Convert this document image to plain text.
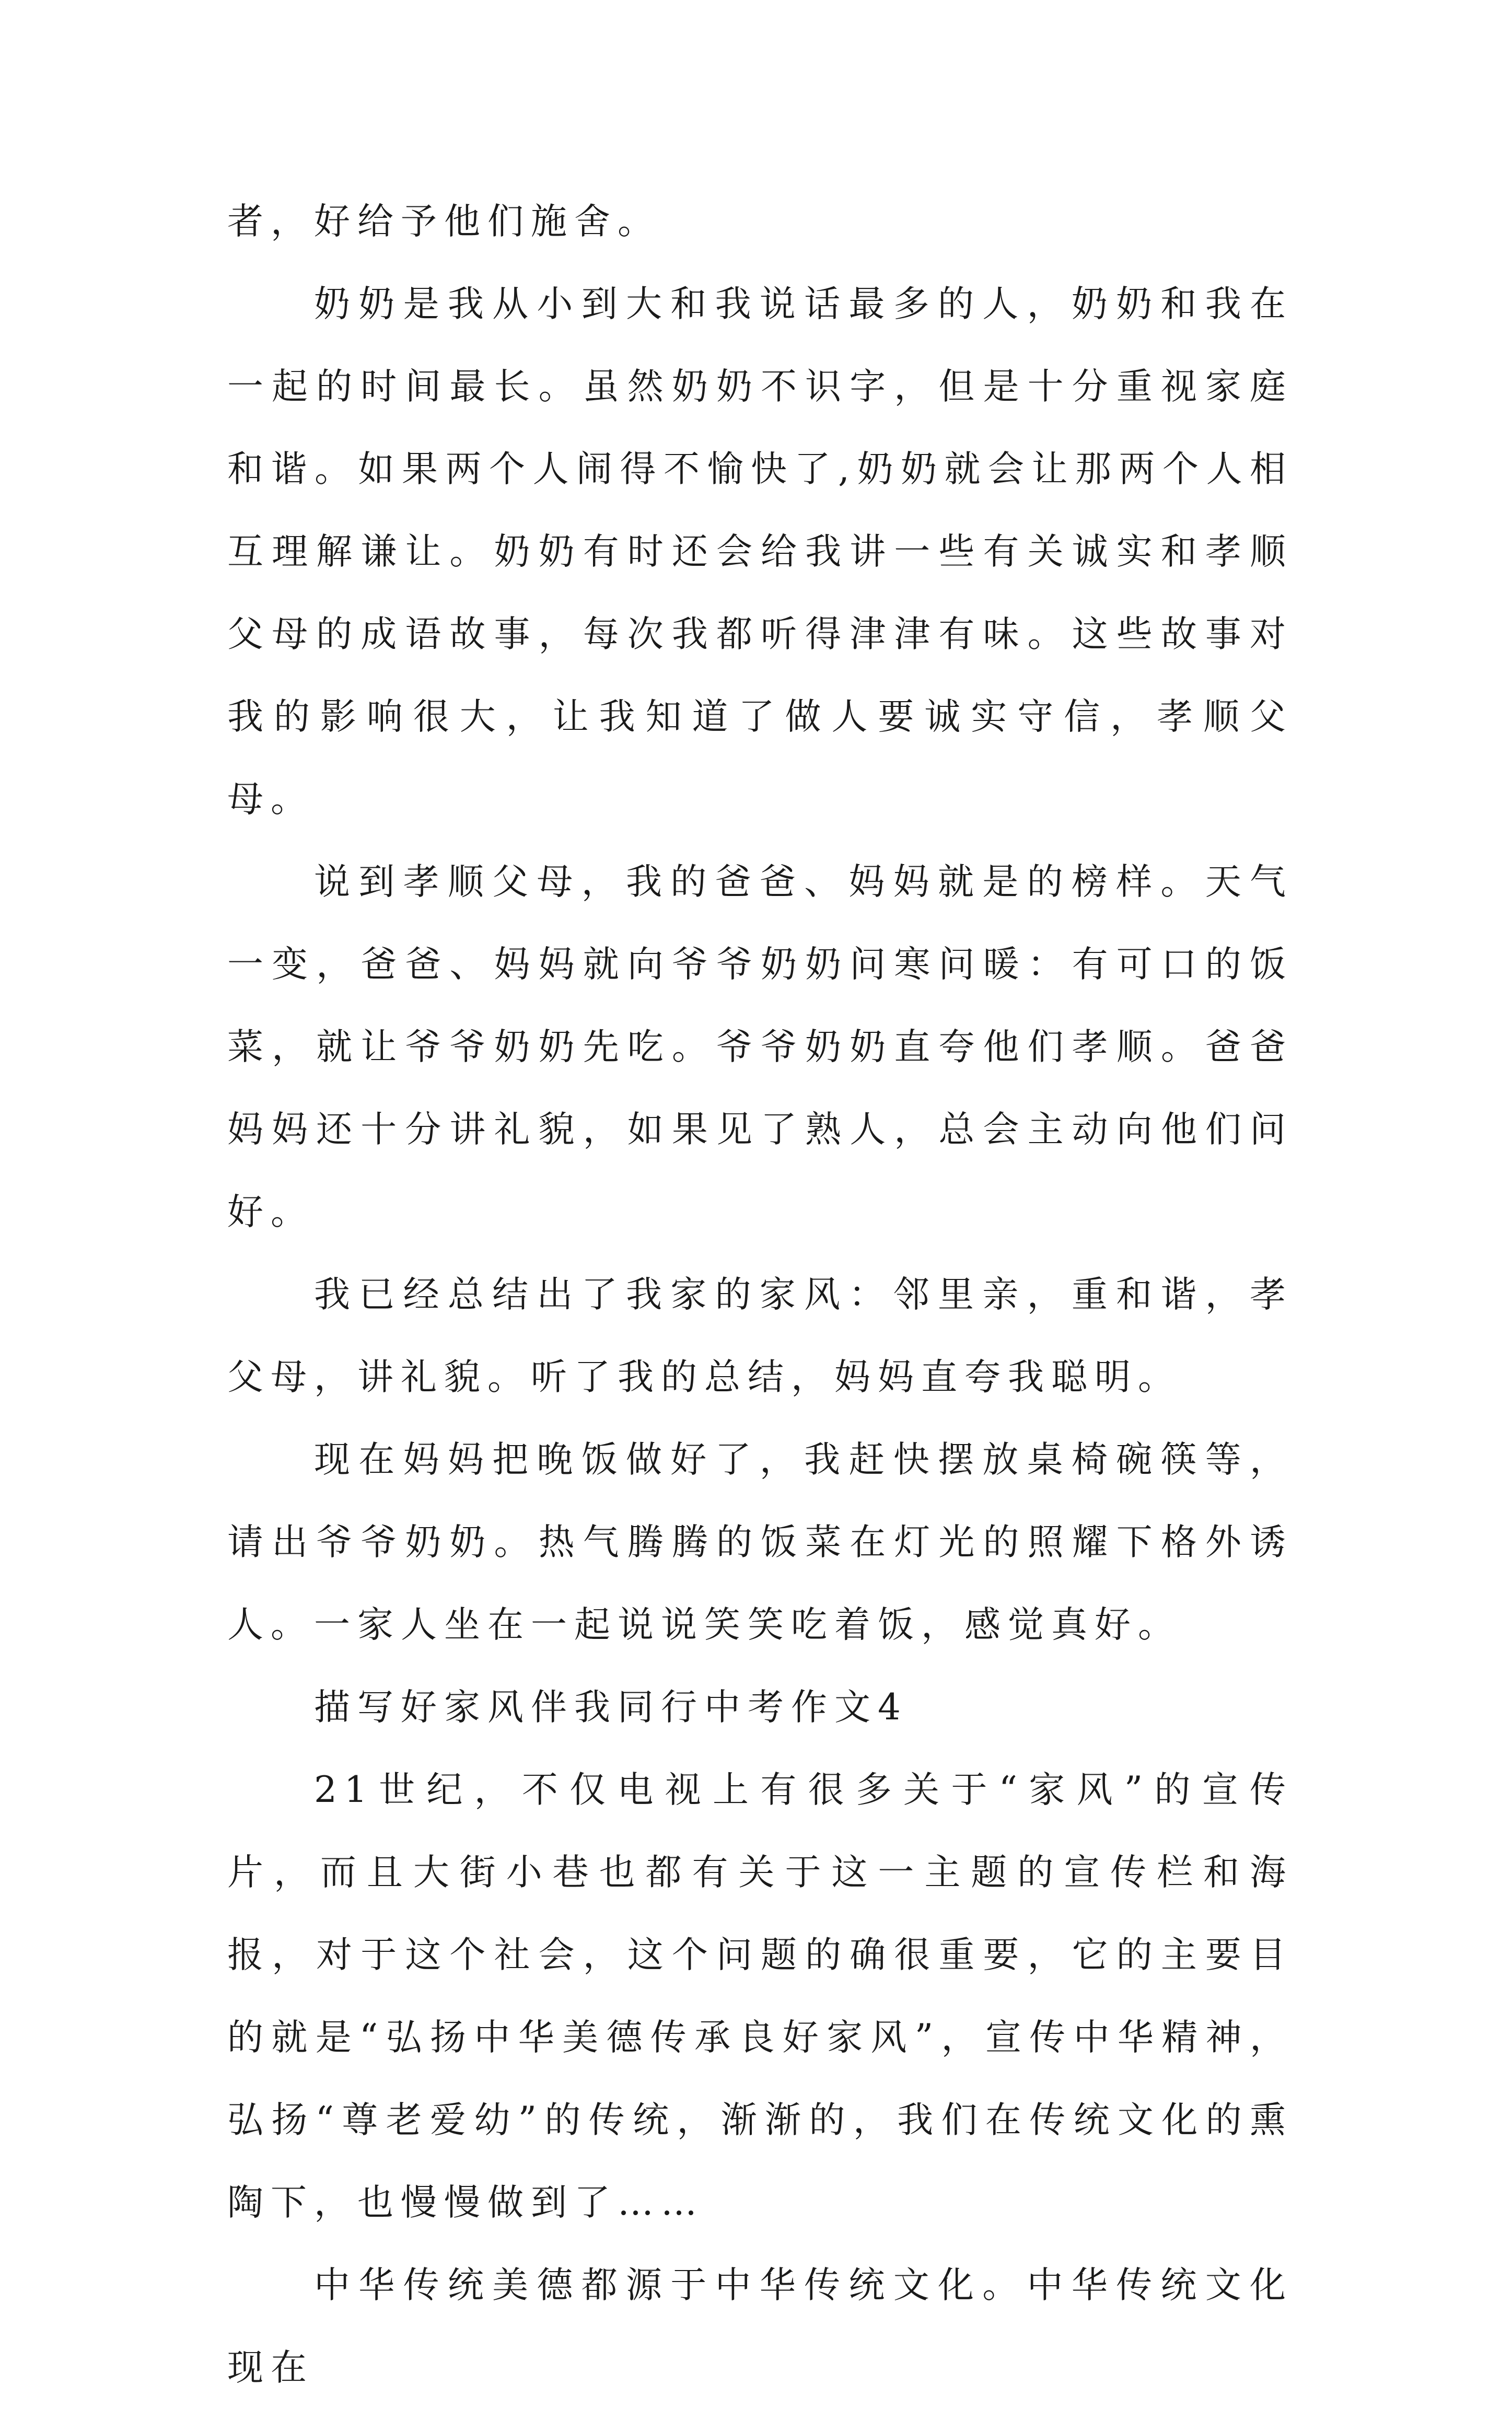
者，好给予他们施舍。

奶奶是我从小到大和我说话最多的人，奶奶和我在一起的时间最长。虽然奶奶不识字，但是十分重视家庭和谐。如果两个人闹得不愉快了,奶奶就会让那两个人相互理解谦让。奶奶有时还会给我讲一些有关诚实和孝顺父母的成语故事，每次我都听得津津有味。这些故事对我的影响很大，让我知道了做人要诚实守信，孝顺父母。

说到孝顺父母，我的爸爸、妈妈就是的榜样。天气一变，爸爸、妈妈就向爷爷奶奶问寒问暖：有可口的饭菜，就让爷爷奶奶先吃。爷爷奶奶直夸他们孝顺。爸爸妈妈还十分讲礼貌，如果见了熟人，总会主动向他们问好。

我已经总结出了我家的家风：邻里亲，重和谐，孝父母，讲礼貌。听了我的总结，妈妈直夸我聪明。

现在妈妈把晚饭做好了，我赶快摆放桌椅碗筷等，请出爷爷奶奶。热气腾腾的饭菜在灯光的照耀下格外诱人。一家人坐在一起说说笑笑吃着饭，感觉真好。

描写好家风伴我同行中考作文4

21世纪，不仅电视上有很多关于“家风”的宣传片，而且大街小巷也都有关于这一主题的宣传栏和海报，对于这个社会，这个问题的确很重要，它的主要目的就是“弘扬中华美德传承良好家风”，宣传中华精神，弘扬“尊老爱幼”的传统，渐渐的，我们在传统文化的熏陶下，也慢慢做到了……

中华传统美德都源于中华传统文化。中华传统文化现在
